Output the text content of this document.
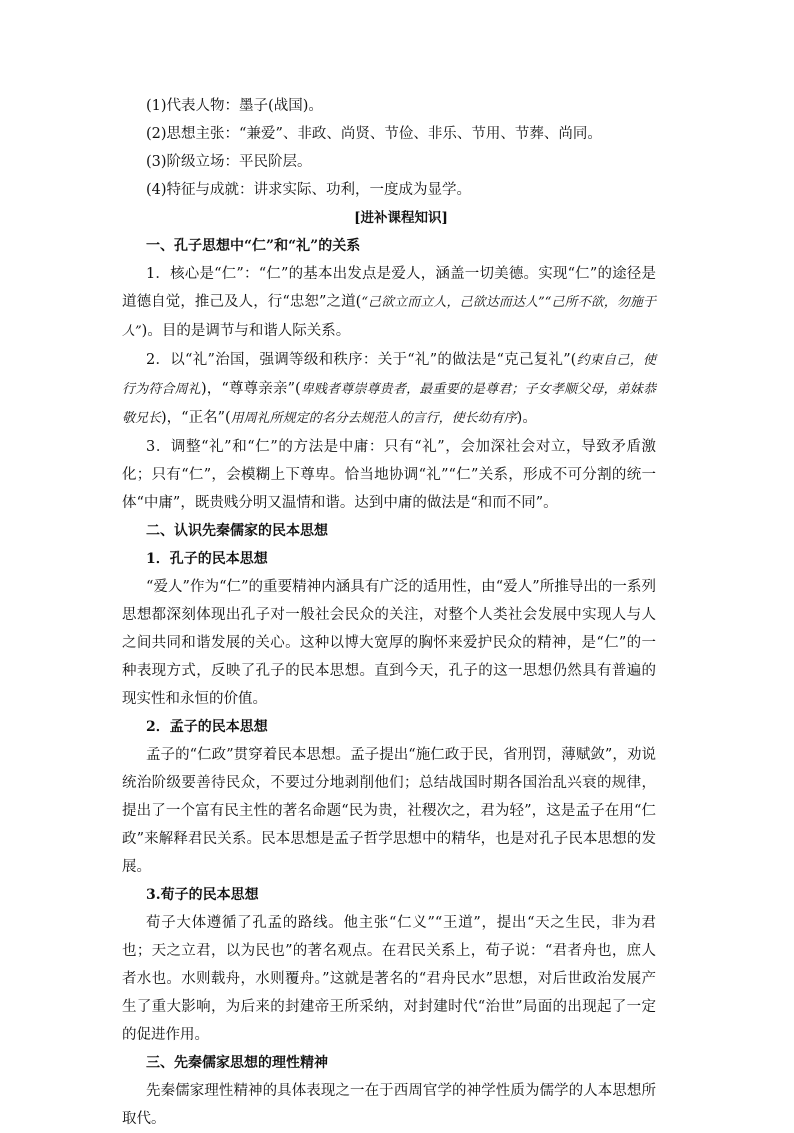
(1)代表人物：墨子(战国)。
(2)思想主张：“兼爱”、非政、尚贤、节俭、非乐、节用、节葬、尚同。
(3)阶级立场：平民阶层。
(4)特征与成就：讲求实际、功利，一度成为显学。
[进补课程知识]
一、孔子思想中“仁”和“礼”的关系
1．核心是“仁”：“仁”的基本出发点是爱人，涵盖一切美德。实现“仁”的途径是道德自觉，推己及人，行“忠恕”之道(“己欲立而立人，己欲达而达人”“己所不欲，勿施于人”)。目的是调节与和谐人际关系。
2．以“礼”治国，强调等级和秩序：关于“礼”的做法是“克己复礼”(约束自己，使行为符合周礼)，“尊尊亲亲”(卑贱者尊崇尊贵者，最重要的是尊君；子女孝顺父母，弟妹恭敬兄长)，“正名”(用周礼所规定的名分去规范人的言行，使长幼有序)。
3．调整“礼”和“仁”的方法是中庸：只有“礼”，会加深社会对立，导致矛盾激化；只有“仁”，会模糊上下尊卑。恰当地协调“礼”“仁”关系，形成不可分割的统一体“中庸”，既贵贱分明又温情和谐。达到中庸的做法是“和而不同”。
二、认识先秦儒家的民本思想
1．孔子的民本思想
“爱人”作为“仁”的重要精神内涵具有广泛的适用性，由“爱人”所推导出的一系列思想都深刻体现出孔子对一般社会民众的关注，对整个人类社会发展中实现人与人之间共同和谐发展的关心。这种以博大宽厚的胸怀来爱护民众的精神，是“仁”的一种表现方式，反映了孔子的民本思想。直到今天，孔子的这一思想仍然具有普遍的现实性和永恒的价值。
2．孟子的民本思想
孟子的“仁政”贯穿着民本思想。孟子提出“施仁政于民，省刑罚，薄赋敛”，劝说统治阶级要善待民众，不要过分地剥削他们；总结战国时期各国治乱兴衰的规律，提出了一个富有民主性的著名命题“民为贵，社稷次之，君为轻”，这是孟子在用“仁政”来解释君民关系。民本思想是孟子哲学思想中的精华，也是对孔子民本思想的发展。
3.荀子的民本思想
荀子大体遵循了孔孟的路线。他主张“仁义”“王道”，提出“天之生民，非为君也；天之立君，以为民也”的著名观点。在君民关系上，荀子说：“君者舟也，庶人者水也。水则载舟，水则覆舟。”这就是著名的“君舟民水”思想，对后世政治发展产生了重大影响，为后来的封建帝王所采纳，对封建时代“治世”局面的出现起了一定的促进作用。
三、先秦儒家思想的理性精神
先秦儒家理性精神的具体表现之一在于西周官学的神学性质为儒学的人本思想所取代。
